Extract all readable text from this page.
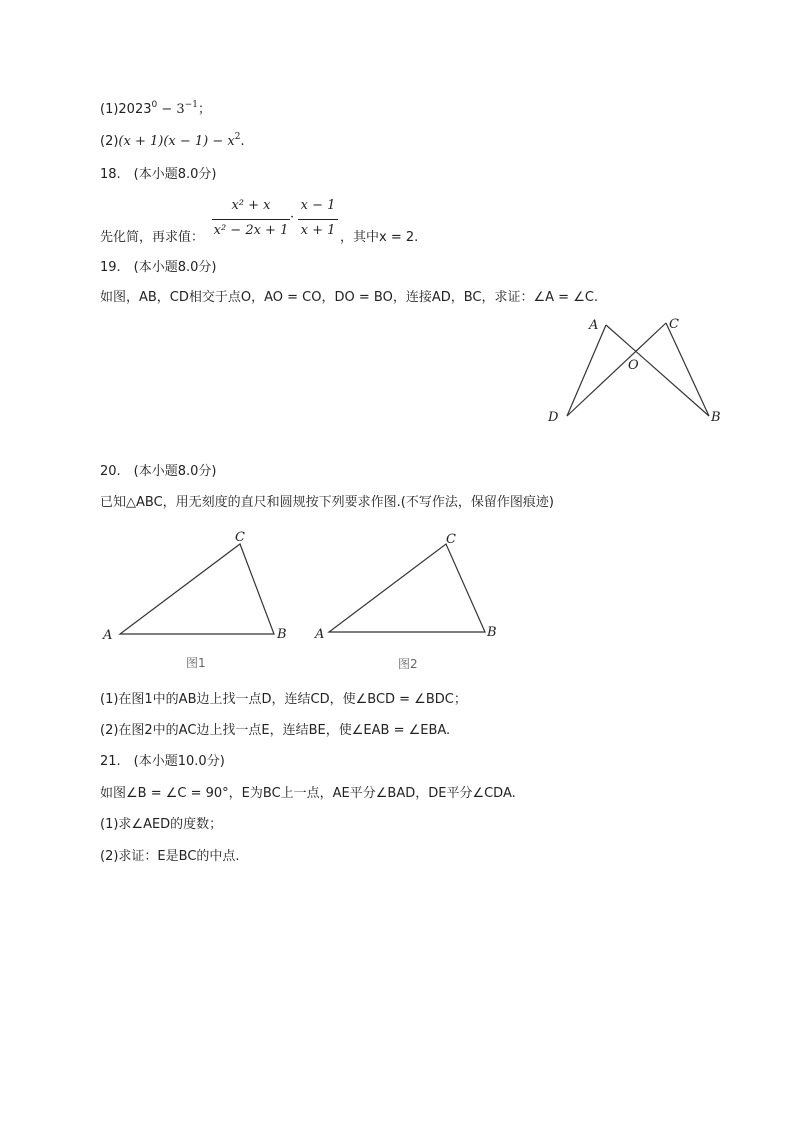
$(1)2023^0 - 3^{-1}$；
$(2)(x + 1)(x - 1) - x^2$.
18.　(本小题8.0分)
先化简，再求值：
x² + x
x² − 2x + 1
·
x − 1
x + 1 ，其中x = 2.
19.　(本小题8.0分)
如图，AB，CD相交于点O，AO = CO，DO = BO，连接AD，BC，求证：∠A = ∠C.
A	C
O
D	B
20.　(本小题8.0分)
已知△ABC，用无刻度的直尺和圆规按下列要求作图.(不写作法，保留作图痕迹)
A	B
C
图1
A	B
C
图2
(1)在图1中的AB边上找一点D，连结CD，使∠BCD = ∠BDC；
(2)在图2中的AC边上找一点E，连结BE，使∠EAB = ∠EBA.
21.　(本小题10.0分)
如图∠B = ∠C = 90°，E为BC上一点，AE平分∠BAD，DE平分∠CDA.
(1)求∠AED的度数；
(2)求证：E是BC的中点.
